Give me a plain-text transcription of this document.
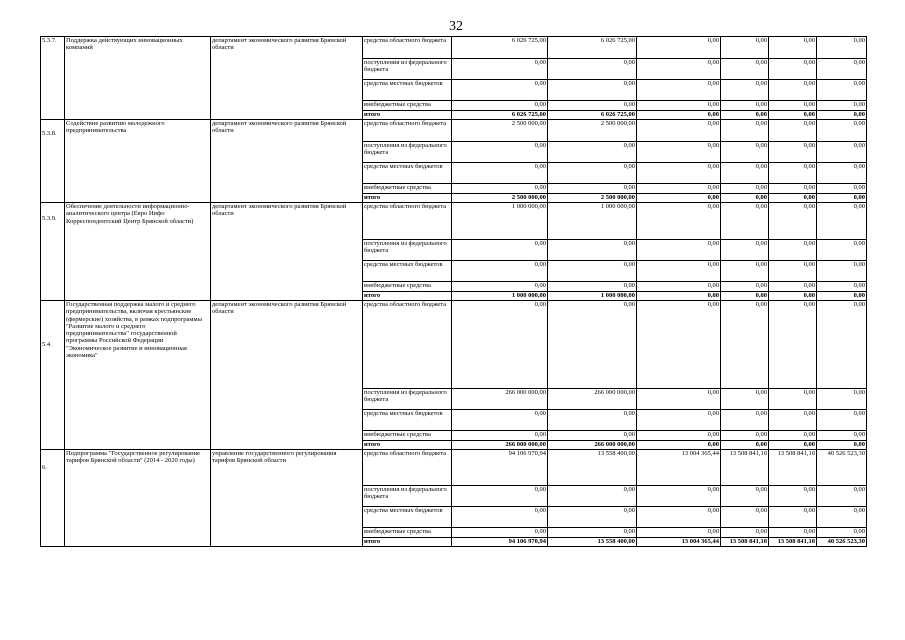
32
5.3.7.	Поддержка действующих инновационных компаний	департамент экономического развития Брянской области	средства областного бюджета	6 026 725,00	6 026 725,00	0,00	0,00	0,00	0,00
			поступления из федерального бюджета	0,00	0,00	0,00	0,00	0,00	0,00
			средства местных бюджетов	0,00	0,00	0,00	0,00	0,00	0,00
			внебюджетные средства	0,00	0,00	0,00	0,00	0,00	0,00
			итого	6 026 725,00	6 026 725,00	0,00	0,00	0,00	0,00
5.3.8.	Содействие развитию молодежного предпринимательства	департамент экономического развития Брянской области	средства областного бюджета	2 500 000,00	2 500 000,00	0,00	0,00	0,00	0,00
			поступления из федерального бюджета	0,00	0,00	0,00	0,00	0,00	0,00
			средства местных бюджетов	0,00	0,00	0,00	0,00	0,00	0,00
			внебюджетные средства	0,00	0,00	0,00	0,00	0,00	0,00
			итого	2 500 000,00	2 500 000,00	0,00	0,00	0,00	0,00
5.3.9.	Обеспечение деятельности информационно-аналитического центра (Евро Инфо Корреспондентский Центр Брянской области)	департамент экономического развития Брянской области	средства областного бюджета	1 000 000,00	1 000 000,00	0,00	0,00	0,00	0,00
			поступления из федерального бюджета	0,00	0,00	0,00	0,00	0,00	0,00
			средства местных бюджетов	0,00	0,00	0,00	0,00	0,00	0,00
			внебюджетные средства	0,00	0,00	0,00	0,00	0,00	0,00
			итого	1 000 000,00	1 000 000,00	0,00	0,00	0,00	0,00
5.4.	Государственная поддержка малого и среднего предпринимательства, включая крестьянские (фермерские) хозяйства, в рамках подпрограммы "Развитие малого и среднего предпринимательства" государственной программы Российской Федерации "Экономическое развитие и инновационная экономика"	департамент экономического развития Брянской области	средства областного бюджета	0,00	0,00	0,00	0,00	0,00	0,00
			поступления из федерального бюджета	266 000 000,00	266 000 000,00	0,00	0,00	0,00	0,00
			средства местных бюджетов	0,00	0,00	0,00	0,00	0,00	0,00
			внебюджетные средства	0,00	0,00	0,00	0,00	0,00	0,00
			итого	266 000 000,00	266 000 000,00	0,00	0,00	0,00	0,00
6.	Подпрограмма "Государственное регулирование тарифов Брянской области" (2014 - 2020 годы)	управление государственного регулирования тарифов Брянской области	средства областного бюджета	94 106 970,94	13 558 400,00	13 004 365,44	13 508 841,10	13 508 841,10	40 526 523,30
			поступления из федерального бюджета	0,00	0,00	0,00	0,00	0,00	0,00
			средства местных бюджетов	0,00	0,00	0,00	0,00	0,00	0,00
			внебюджетные средства	0,00	0,00	0,00	0,00	0,00	0,00
			итого	94 106 970,94	13 558 400,00	13 004 365,44	13 508 841,10	13 508 841,10	40 526 523,30
